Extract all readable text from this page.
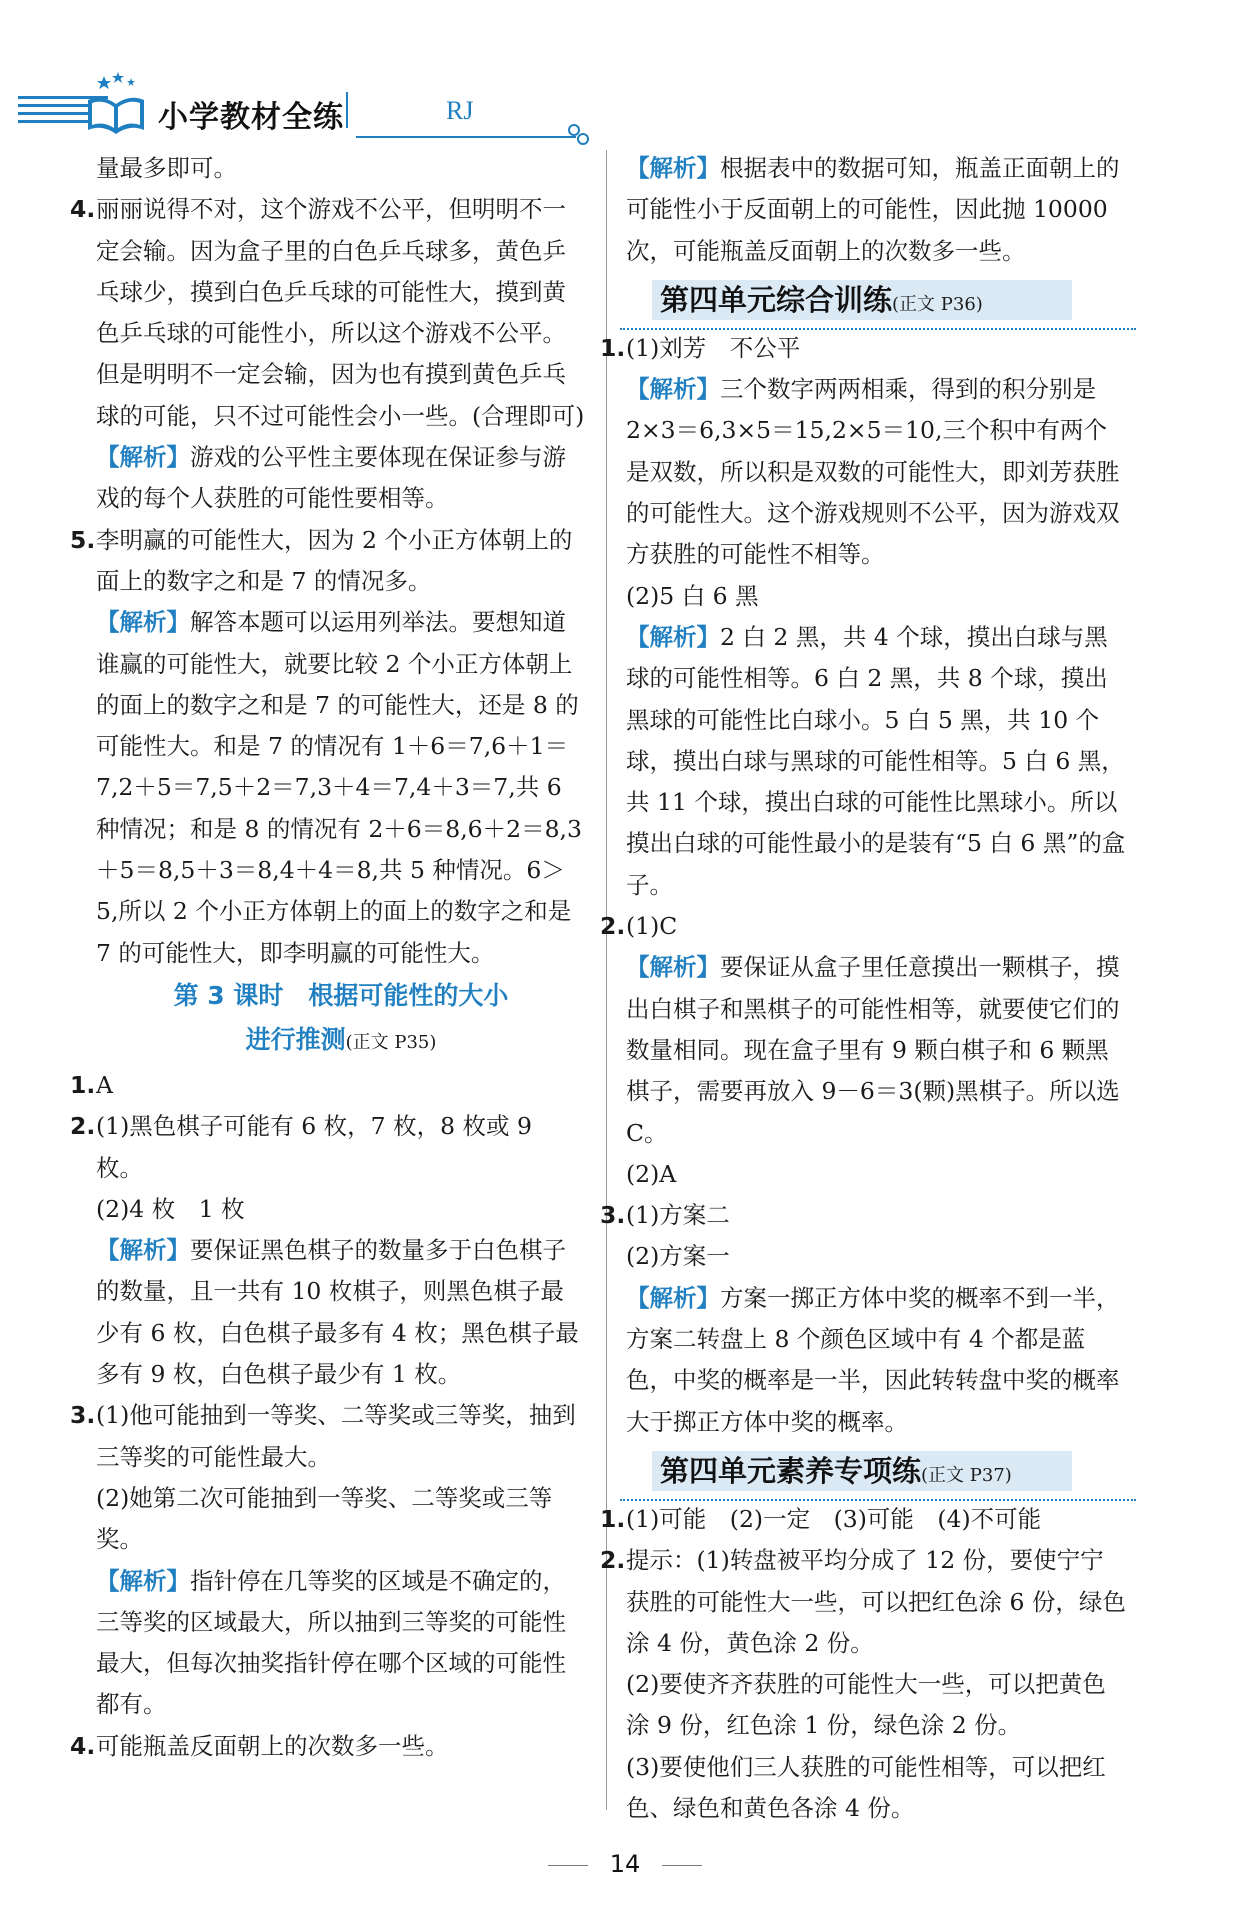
小学教材全练	RJ

量最多即可。

4.丽丽说得不对，这个游戏不公平，但明明不一定会输。因为盒子里的白色乒乓球多，黄色乒乓球少，摸到白色乒乓球的可能性大，摸到黄色乒乓球的可能性小，所以这个游戏不公平。但是明明不一定会输，因为也有摸到黄色乒乓球的可能，只不过可能性会小一些。(合理即可)

【解析】游戏的公平性主要体现在保证参与游戏的每个人获胜的可能性要相等。

5.李明赢的可能性大，因为 2 个小正方体朝上的面上的数字之和是 7 的情况多。

【解析】解答本题可以运用列举法。要想知道谁赢的可能性大，就要比较 2 个小正方体朝上的面上的数字之和是 7 的可能性大，还是 8 的可能性大。和是 7 的情况有 1＋6＝7,6＋1＝7,2＋5＝7,5＋2＝7,3＋4＝7,4＋3＝7,共 6 种情况；和是 8 的情况有 2＋6＝8,6＋2＝8,3＋5＝8,5＋3＝8,4＋4＝8,共 5 种情况。6＞5,所以 2 个小正方体朝上的面上的数字之和是 7 的可能性大，即李明赢的可能性大。

第 3 课时　根据可能性的大小
进行推测(正文 P35)

1.A

2.(1)黑色棋子可能有 6 枚，7 枚，8 枚或 9 枚。

(2)4 枚　1 枚

【解析】要保证黑色棋子的数量多于白色棋子的数量，且一共有 10 枚棋子，则黑色棋子最少有 6 枚，白色棋子最多有 4 枚；黑色棋子最多有 9 枚，白色棋子最少有 1 枚。

3.(1)他可能抽到一等奖、二等奖或三等奖，抽到三等奖的可能性最大。

(2)她第二次可能抽到一等奖、二等奖或三等奖。

【解析】指针停在几等奖的区域是不确定的，三等奖的区域最大，所以抽到三等奖的可能性最大，但每次抽奖指针停在哪个区域的可能性都有。

4.可能瓶盖反面朝上的次数多一些。

【解析】根据表中的数据可知，瓶盖正面朝上的可能性小于反面朝上的可能性，因此抛 10000 次，可能瓶盖反面朝上的次数多一些。

第四单元综合训练(正文 P36)

1.(1)刘芳　不公平

【解析】三个数字两两相乘，得到的积分别是 2×3＝6,3×5＝15,2×5＝10,三个积中有两个是双数，所以积是双数的可能性大，即刘芳获胜的可能性大。这个游戏规则不公平，因为游戏双方获胜的可能性不相等。

(2)5 白 6 黑

【解析】2 白 2 黑，共 4 个球，摸出白球与黑球的可能性相等。6 白 2 黑，共 8 个球，摸出黑球的可能性比白球小。5 白 5 黑，共 10 个球，摸出白球与黑球的可能性相等。5 白 6 黑，共 11 个球，摸出白球的可能性比黑球小。所以摸出白球的可能性最小的是装有“5 白 6 黑”的盒子。

2.(1)C

【解析】要保证从盒子里任意摸出一颗棋子，摸出白棋子和黑棋子的可能性相等，就要使它们的数量相同。现在盒子里有 9 颗白棋子和 6 颗黑棋子，需要再放入 9－6＝3(颗)黑棋子。所以选 C。

(2)A

3.(1)方案二

(2)方案一

【解析】方案一掷正方体中奖的概率不到一半，方案二转盘上 8 个颜色区域中有 4 个都是蓝色，中奖的概率是一半，因此转转盘中奖的概率大于掷正方体中奖的概率。

第四单元素养专项练(正文 P37)

1.(1)可能　(2)一定　(3)可能　(4)不可能

2.提示：(1)转盘被平均分成了 12 份，要使宁宁获胜的可能性大一些，可以把红色涂 6 份，绿色涂 4 份，黄色涂 2 份。

(2)要使齐齐获胜的可能性大一些，可以把黄色涂 9 份，红色涂 1 份，绿色涂 2 份。

(3)要使他们三人获胜的可能性相等，可以把红色、绿色和黄色各涂 4 份。

14
